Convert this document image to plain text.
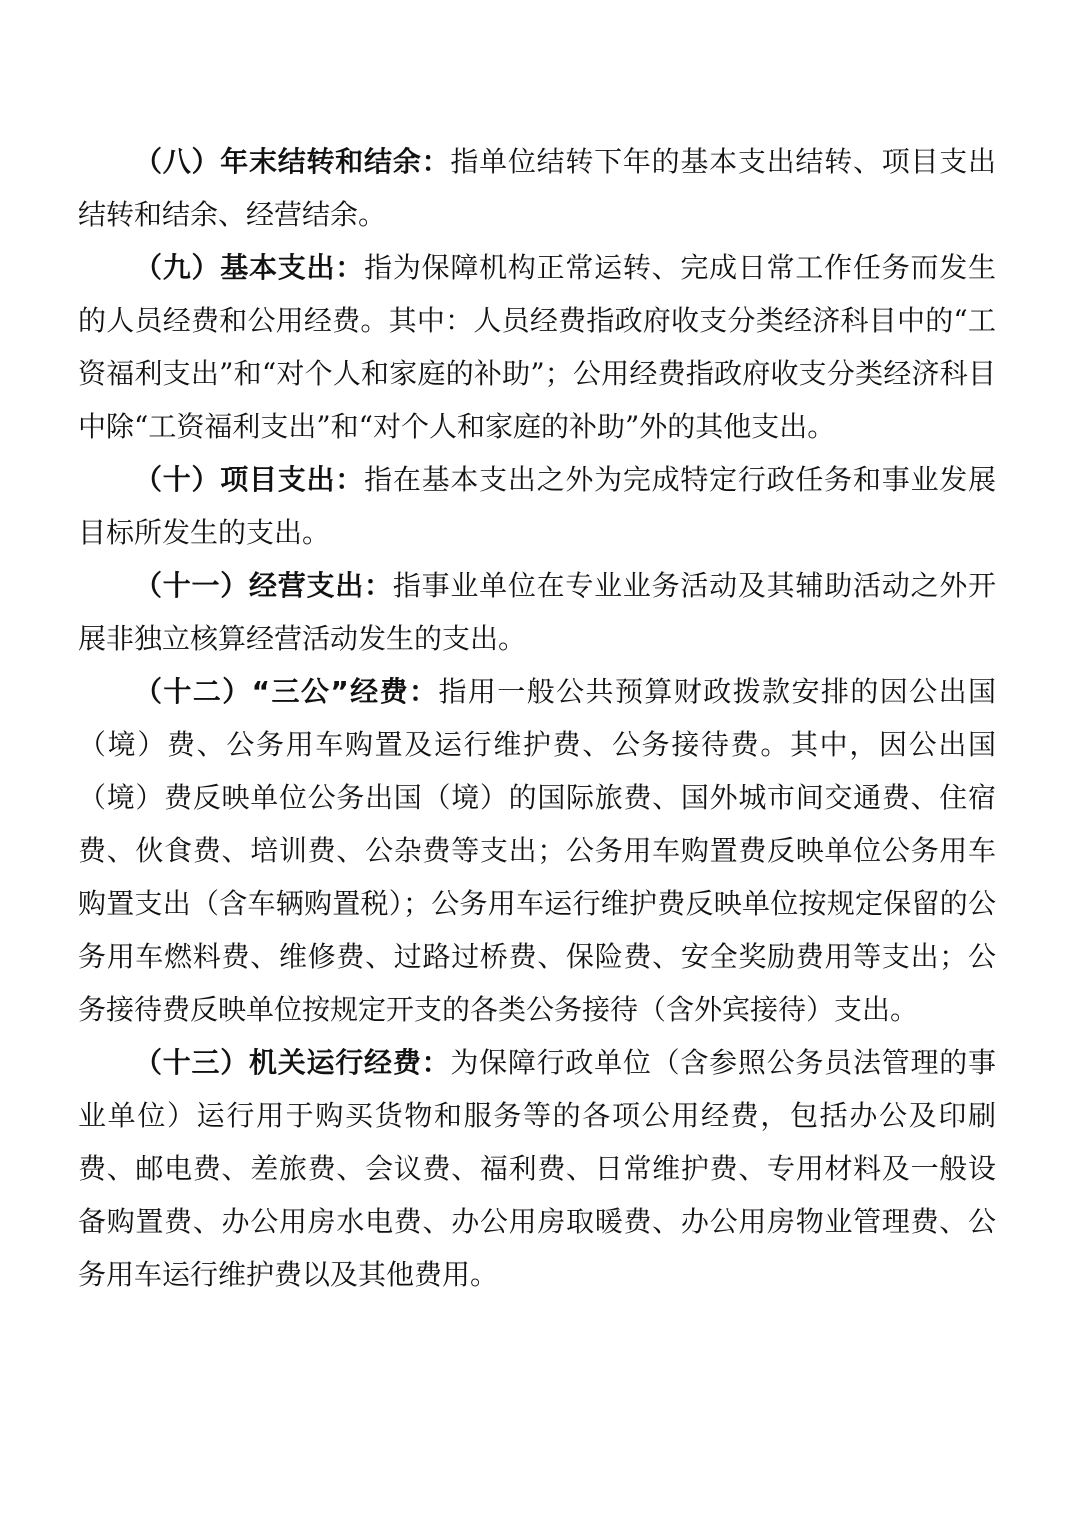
（八）年末结转和结余：指单位结转下年的基本支出结转、项目支出结转和结余、经营结余。

（九）基本支出：指为保障机构正常运转、完成日常工作任务而发生的人员经费和公用经费。其中：人员经费指政府收支分类经济科目中的“工资福利支出”和“对个人和家庭的补助”；公用经费指政府收支分类经济科目中除“工资福利支出”和“对个人和家庭的补助”外的其他支出。

（十）项目支出：指在基本支出之外为完成特定行政任务和事业发展目标所发生的支出。

（十一）经营支出：指事业单位在专业业务活动及其辅助活动之外开展非独立核算经营活动发生的支出。

（十二）“三公”经费：指用一般公共预算财政拨款安排的因公出国（境）费、公务用车购置及运行维护费、公务接待费。其中，因公出国（境）费反映单位公务出国（境）的国际旅费、国外城市间交通费、住宿费、伙食费、培训费、公杂费等支出；公务用车购置费反映单位公务用车购置支出（含车辆购置税）；公务用车运行维护费反映单位按规定保留的公务用车燃料费、维修费、过路过桥费、保险费、安全奖励费用等支出；公务接待费反映单位按规定开支的各类公务接待（含外宾接待）支出。

（十三）机关运行经费：为保障行政单位（含参照公务员法管理的事业单位）运行用于购买货物和服务等的各项公用经费，包括办公及印刷费、邮电费、差旅费、会议费、福利费、日常维护费、专用材料及一般设备购置费、办公用房水电费、办公用房取暖费、办公用房物业管理费、公务用车运行维护费以及其他费用。
